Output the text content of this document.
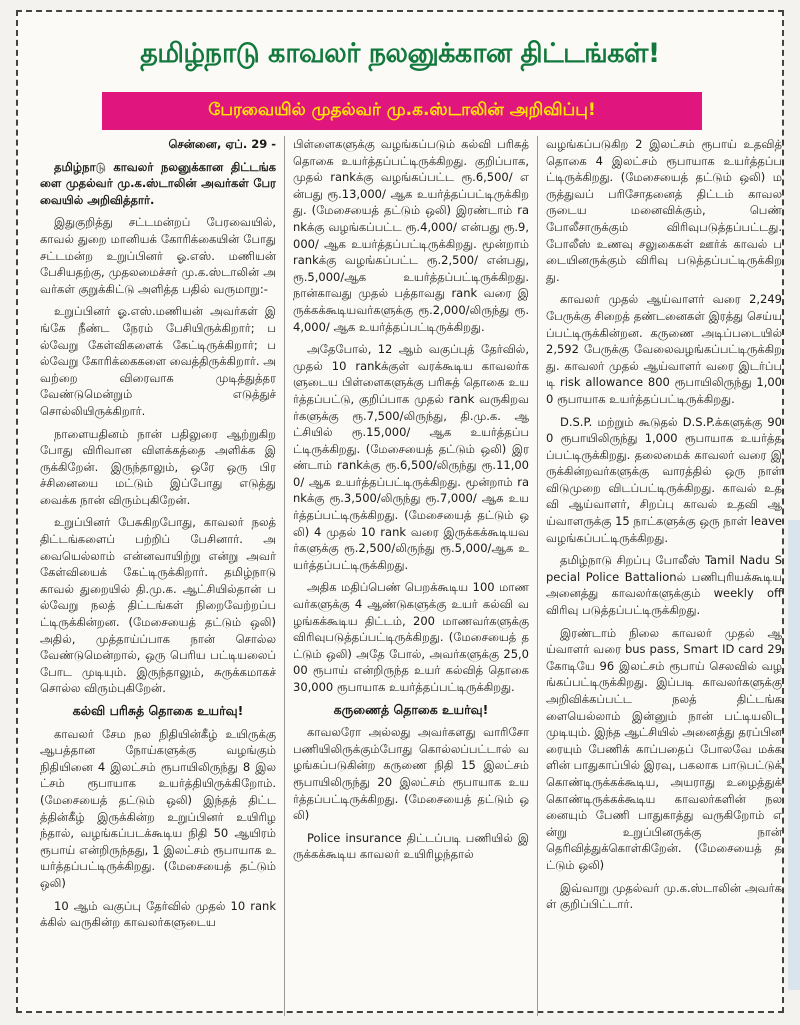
தமிழ்நாடு காவலர் நலனுக்கான திட்டங்கள்!
பேரவையில் முதல்வர் மு.க.ஸ்டாலின் அறிவிப்பு!

சென்னை, ஏப். 29 -

தமிழ்நாடு காவலர் நலனுக்கான திட்டங்களை முதல்வர் மு.க.ஸ்டாலின் அவர்கள் பேரவையில் அறிவித்தார்.

இதுகுறித்து சட்டமன்றப் பேரவையில், காவல் துறை மானியக் கோரிக்கையின் போது சட்டமன்ற உறுப்பினர் ஓ.எஸ். மணியன் பேசியதற்கு, முதலமைச்சர் மு.க.ஸ்டாலின் அவர்கள் குறுக்கிட்டு அளித்த பதில் வருமாறு:-

உறுப்பினர் ஓ.எஸ்.மணியன் அவர்கள் இங்கே நீண்ட நேரம் பேசியிருக்கிறார்; பல்வேறு கேள்விகளைக் கேட்டிருக்கிறார்; பல்வேறு கோரிக்கைகளை வைத்திருக்கிறார். அவற்றை விரைவாக முடித்துத்தர வேண்டுமென்றும் எடுத்துச் சொல்லியிருக்கிறார்.

நாளையதினம் நான் பதிலுரை ஆற்றுகிறபோது விரிவான விளக்கத்தை அளிக்க இருக்கிறேன். இருந்தாலும், ஒரே ஒரு பிரச்சினையை மட்டும் இப்போது எடுத்து வைக்க நான் விரும்புகிறேன்.

உறுப்பினர் பேசுகிறபோது, காவலர் நலத் திட்டங்களைப் பற்றிப் பேசினார். அவையெல்லாம் என்னவாயிற்று என்று அவர் கேள்வியைக் கேட்டிருக்கிறார். தமிழ்நாடு காவல் துறையில் தி.மு.க. ஆட்சியில்தான் பல்வேறு நலத் திட்டங்கள் நிறைவேற்றப்பட்டிருக்கின்றன. (மேசையைத் தட்டும் ஒலி) அதில், முத்தாய்ப்பாக நான் சொல்ல வேண்டுமென்றால், ஒரு பெரிய பட்டியலைப் போட முடியும். இருந்தாலும், சுருக்கமாகச் சொல்ல விரும்புகிறேன்.

கல்வி பரிசுத் தொகை உயர்வு!

காவலர் சேம நல நிதியின்கீழ் உயிருக்கு ஆபத்தான நோய்களுக்கு வழங்கும் நிதியினை 4 இலட்சம் ரூபாயிலிருந்து 8 இலட்சம் ரூபாயாக உயர்த்தியிருக்கிறோம். (மேசையைத் தட்டும் ஒலி) இந்தத் திட்டத்தின்கீழ் இருக்கின்ற உறுப்பினர் உயிரிழந்தால், வழங்கப்படக்கூடிய நிதி 50 ஆயிரம் ரூபாய் என்றிருந்தது, 1 இலட்சம் ரூபாயாக உயர்த்தப்பட்டிருக்கிறது. (மேசையைத் தட்டும் ஒலி)

10 ஆம் வகுப்பு தேர்வில் முதல் 10 rankக்கில் வருகின்ற காவலர்களுடைய

பிள்ளைகளுக்கு வழங்கப்படும் கல்வி பரிசுத் தொகை உயர்த்தப்பட்டிருக்கிறது. குறிப்பாக, முதல் rankக்கு வழங்கப்பட்ட ரூ.6,500/ என்பது ரூ.13,000/ ஆக உயர்த்தப்பட்டிருக்கிறது. (மேசையைத் தட்டும் ஒலி) இரண்டாம் rankக்கு வழங்கப்பட்ட ரூ.4,000/ என்பது ரூ.9,000/ ஆக உயர்த்தப்பட்டிருக்கிறது. மூன்றாம் rankக்கு வழங்கப்பட்ட ரூ.2,500/ என்பது, ரூ.5,000/ஆக உயர்த்தப்பட்டிருக்கிறது. நான்காவது முதல் பத்தாவது rank வரை இருக்கக்கூடியவர்களுக்கு ரூ.2,000/லிருந்து ரூ.4,000/ ஆக உயர்த்தப்பட்டிருக்கிறது.

அதேபோல், 12 ஆம் வகுப்புத் தேர்வில், முதல் 10 rankக்குள் வரக்கூடிய காவலர்களுடைய பிள்ளைகளுக்கு பரிசுத் தொகை உயர்த்தப்பட்டு, குறிப்பாக முதல் rank வருகிறவர்களுக்கு ரூ.7,500/லிருந்து, தி.மு.க. ஆட்சியில் ரூ.15,000/ ஆக உயர்த்தப்பட்டிருக்கிறது. (மேசையைத் தட்டும் ஒலி) இரண்டாம் rankக்கு ரூ.6,500/லிருந்து ரூ.11,000/ ஆக உயர்த்தப்பட்டிருக்கிறது. மூன்றாம் rankக்கு ரூ.3,500/லிருந்து ரூ.7,000/ ஆக உயர்த்தப்பட்டிருக்கிறது. (மேசையைத் தட்டும் ஒலி) 4 முதல் 10 rank வரை இருக்கக்கூடியவர்களுக்கு ரூ.2,500/லிருந்து ரூ.5,000/ஆக உயர்த்தப்பட்டிருக்கிறது.

அதிக மதிப்பெண் பெறக்கூடிய 100 மாணவர்களுக்கு 4 ஆண்டுகளுக்கு உயர் கல்வி வழங்கக்கூடிய திட்டம், 200 மாணவர்களுக்கு விரிவுபடுத்தப்பட்டிருக்கிறது. (மேசையைத் தட்டும் ஒலி) அதே போல், அவர்களுக்கு 25,000 ரூபாய் என்றிருந்த உயர் கல்வித் தொகை 30,000 ரூபாயாக உயர்த்தப்பட்டிருக்கிறது.

கருணைத் தொகை உயர்வு!

காவலரோ அல்லது அவர்களது வாரிசோ பணியிலிருக்கும்போது கொல்லப்பட்டால் வழங்கப்படுகின்ற கருணை நிதி 15 இலட்சம் ரூபாயிலிருந்து 20 இலட்சம் ரூபாயாக உயர்த்தப்பட்டிருக்கிறது. (மேசையைத் தட்டும் ஒலி)

Police insurance திட்டப்படி பணியில் இருக்கக்கூடிய காவலர் உயிரிழந்தால்

வழங்கப்படுகிற 2 இலட்சம் ரூபாய் உதவித் தொகை 4 இலட்சம் ரூபாயாக உயர்த்தப்பட்டிருக்கிறது. (மேசையைத் தட்டும் ஒலி) மருத்துவப் பரிசோதனைத் திட்டம் காவலருடைய மனைவிக்கும், பெண் போலீசாருக்கும் விரிவுபடுத்தப்பட்டது. போலீஸ் உணவு சலுகைகள் ஊர்க் காவல் படையினருக்கும் விரிவு படுத்தப்பட்டிருக்கிறது.

காவலர் முதல் ஆய்வாளர் வரை 2,249 பேருக்கு சிறைத் தண்டனைகள் இரத்து செய்யப்பட்டிருக்கின்றன. கருணை அடிப்படையில் 2,592 பேருக்கு வேலைவழங்கப்பட்டிருக்கிறது. காவலர் முதல் ஆய்வாளர் வரை இடர்ப்படி risk allowance 800 ரூபாயிலிருந்து 1,000 ரூபாயாக உயர்த்தப்பட்டிருக்கிறது.

D.S.P. மற்றும் கூடுதல் D.S.P.க்களுக்கு 900 ரூபாயிலிருந்து 1,000 ரூபாயாக உயர்த்தப்பட்டிருக்கிறது. தலைமைக் காவலர் வரை இருக்கின்றவர்களுக்கு வாரத்தில் ஒரு நாள் விடுமுறை விடப்பட்டிருக்கிறது. காவல் உதவி ஆய்வாளர், சிறப்பு காவல் உதவி ஆய்வாளருக்கு 15 நாட்களுக்கு ஒரு நாள் leave வழங்கப்பட்டிருக்கிறது.

தமிழ்நாடு சிறப்பு போலீஸ் Tamil Nadu Special Police Battalionல் பணிபுரியக்கூடிய அனைத்து காவலர்களுக்கும் weekly off விரிவு படுத்தப்பட்டிருக்கிறது.

இரண்டாம் நிலை காவலர் முதல் ஆய்வாளர் வரை bus pass, Smart ID card 29 கோடியே 96 இலட்சம் ரூபாய் செலவில் வழங்கப்பட்டிருக்கிறது. இப்படி காவலர்களுக்கு அறிவிக்கப்பட்ட நலத் திட்டங்களையெல்லாம் இன்னும் நான் பட்டியலிட முடியும். இந்த ஆட்சியில் அனைத்து தரப்பினரையும் பேணிக் காப்பதைப் போலவே மக்களின் பாதுகாப்பில் இரவு, பகலாக பாடுபட்டுக் கொண்டிருக்கக்கூடிய, அயராது உழைத்துக் கொண்டிருக்கக்கூடிய காவலர்களின் நலனையும் பேணி பாதுகாத்து வருகிறோம் என்று உறுப்பினருக்கு நான் தெரிவித்துக்கொள்கிறேன். (மேசையைத் தட்டும் ஒலி)

இவ்வாறு முதல்வர் மு.க.ஸ்டாலின் அவர்கள் குறிப்பிட்டார்.
